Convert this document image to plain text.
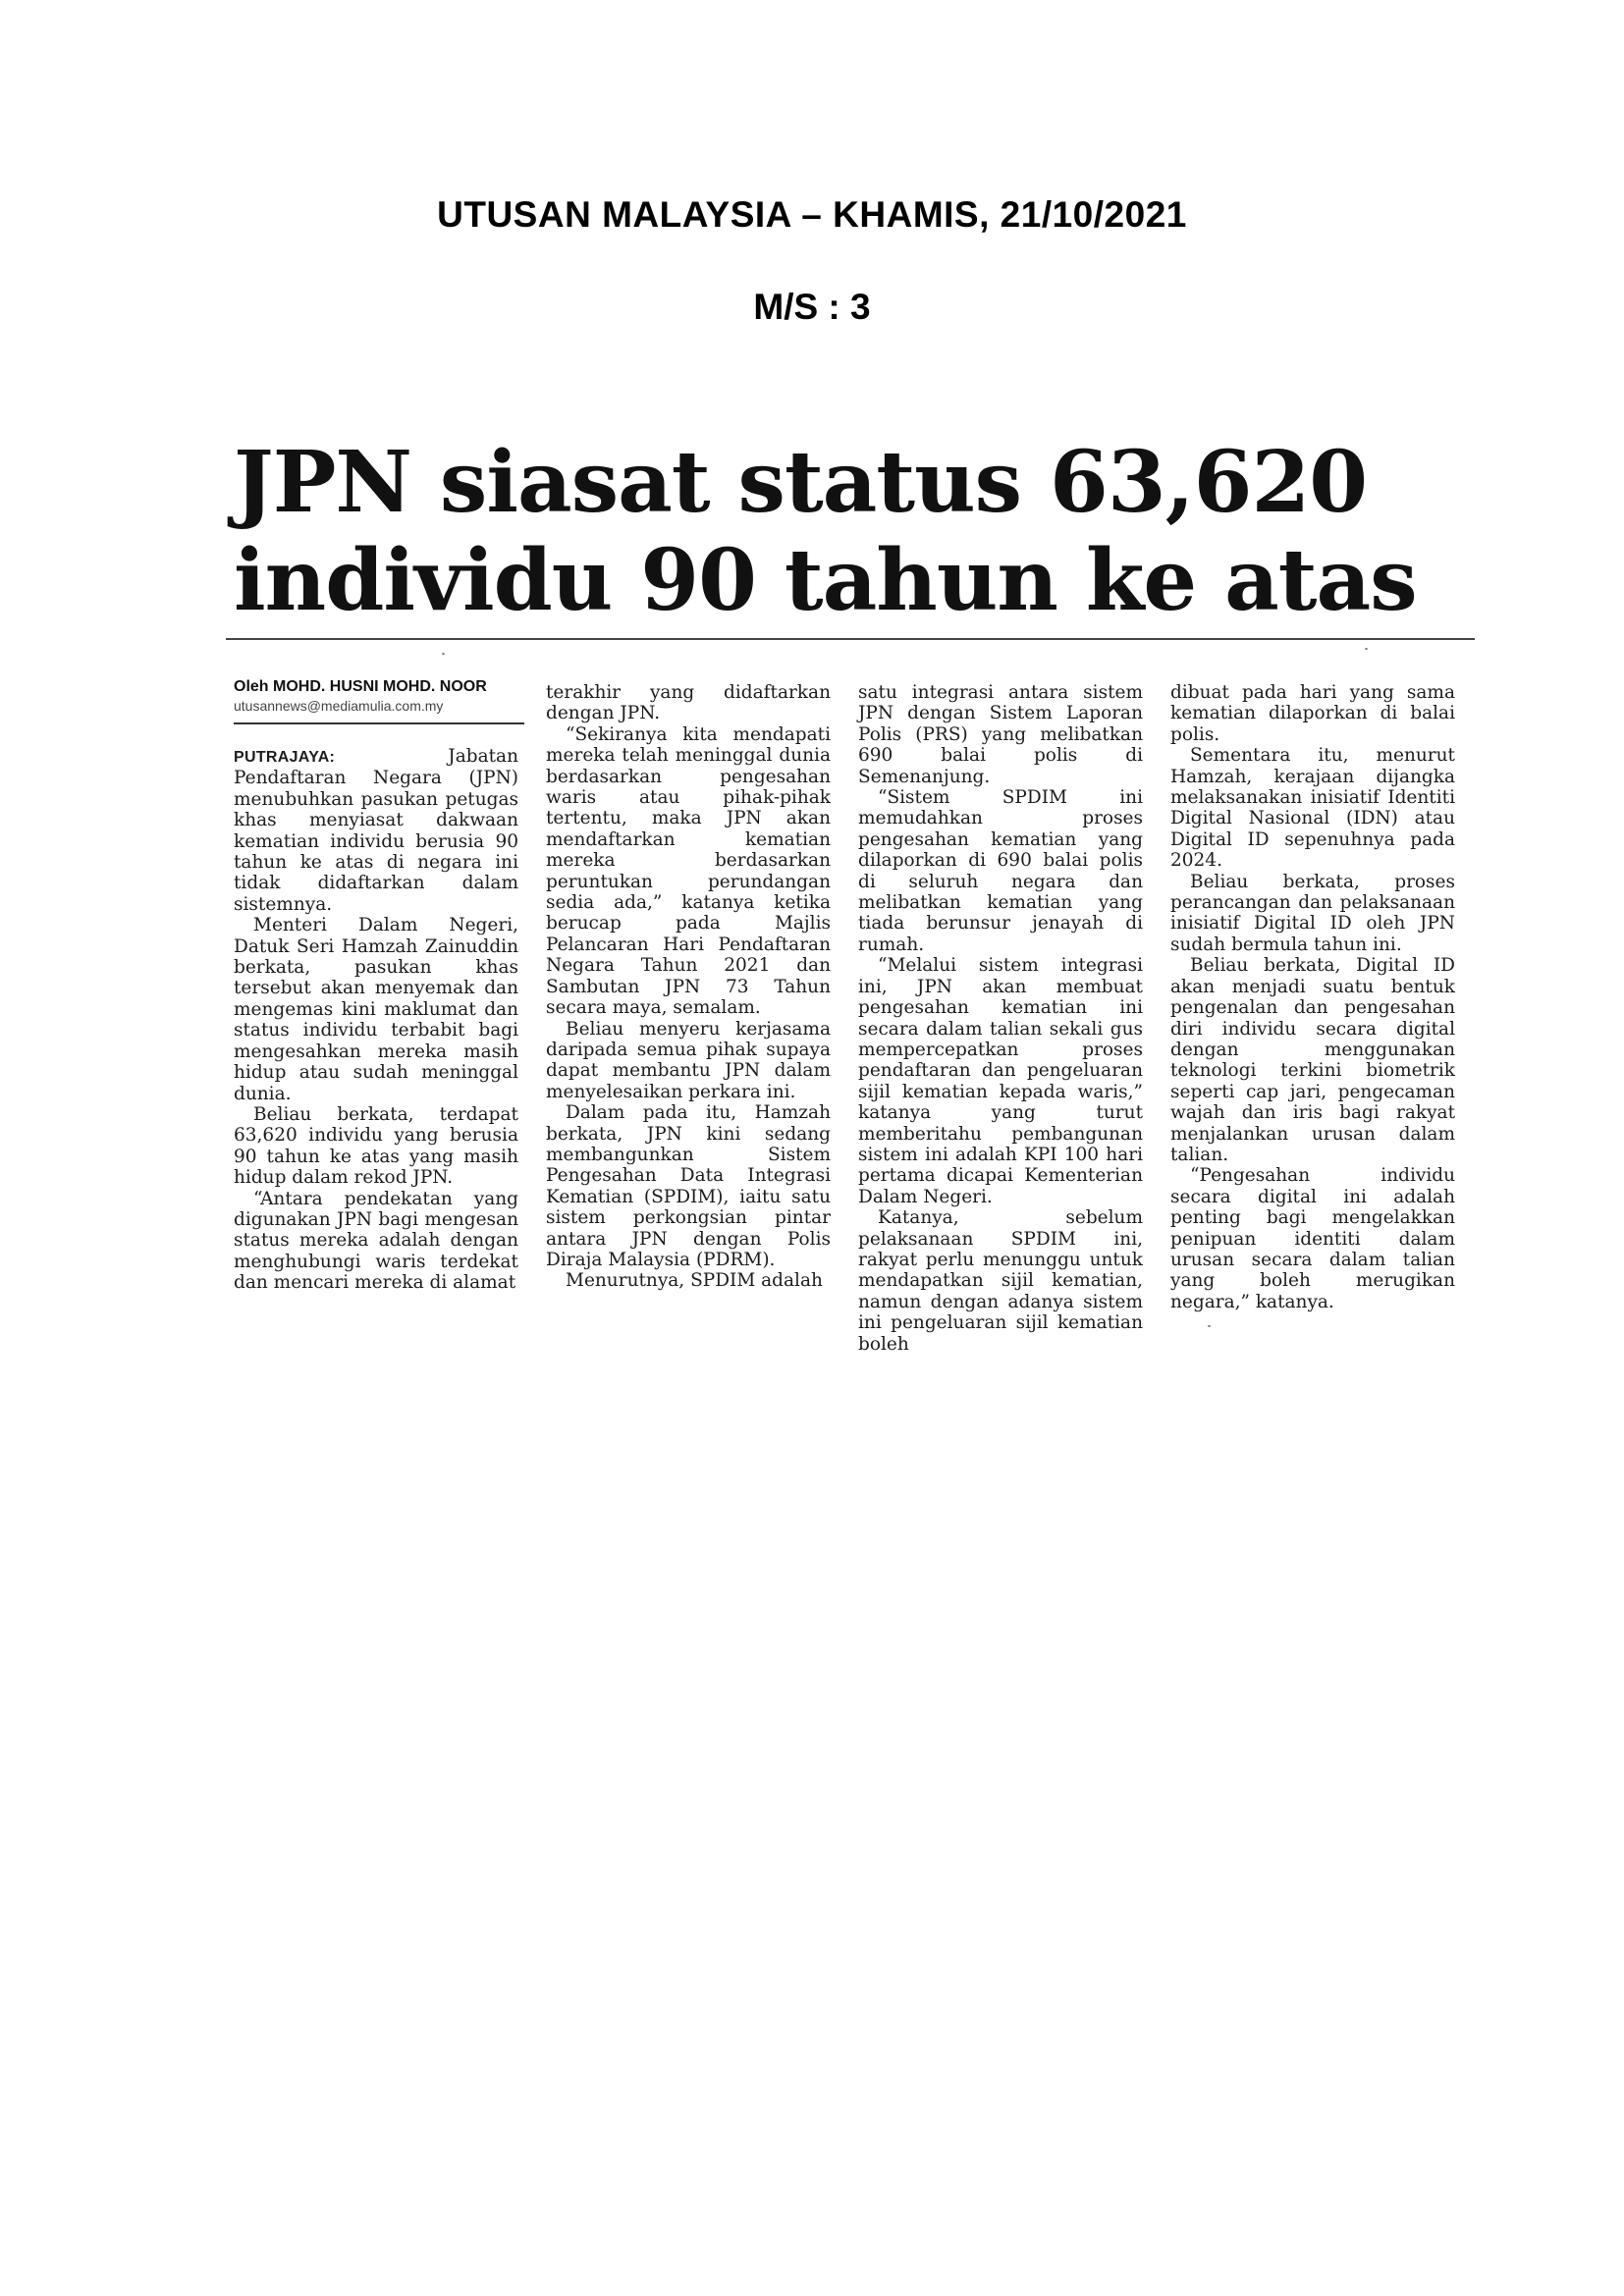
UTUSAN MALAYSIA – KHAMIS, 21/10/2021
M/S : 3
JPN siasat status 63,620
individu 90 tahun ke atas
Oleh MOHD. HUSNI MOHD. NOOR
utusannews@mediamulia.com.my

PUTRAJAYA:	Jabatan Pendaftaran Negara (JPN) menubuhkan pasukan petugas khas menyiasat dakwaan kematian individu berusia 90 tahun ke atas di negara ini tidak didaftarkan dalam sistemnya.

Menteri Dalam Negeri, Datuk Seri Hamzah Zainuddin berkata, pasukan khas tersebut akan menyemak dan mengemas kini maklumat dan status individu terbabit bagi mengesahkan mereka masih hidup atau sudah meninggal dunia.

Beliau berkata, terdapat 63,620 individu yang berusia 90 tahun ke atas yang masih hidup dalam rekod JPN.

“Antara pendekatan yang digunakan JPN bagi mengesan status mereka adalah dengan menghubungi waris terdekat dan mencari mereka di alamat

terakhir yang didaftarkan dengan JPN.

“Sekiranya kita mendapati mereka telah meninggal dunia berdasarkan pengesahan waris atau pihak-pihak tertentu, maka JPN akan mendaftarkan kematian mereka berdasarkan peruntukan perundangan sedia ada,” katanya ketika berucap pada Majlis Pelancaran Hari Pendaftaran Negara Tahun 2021 dan Sambutan JPN 73 Tahun secara maya, semalam.

Beliau menyeru kerjasama daripada semua pihak supaya dapat membantu JPN dalam menyelesaikan perkara ini.

Dalam pada itu, Hamzah berkata, JPN kini sedang membangunkan Sistem Pengesahan Data Integrasi Kematian (SPDIM), iaitu satu sistem perkongsian pintar antara JPN dengan Polis Diraja Malaysia (PDRM).

Menurutnya, SPDIM adalah

satu integrasi antara sistem JPN dengan Sistem Laporan Polis (PRS) yang melibatkan 690 balai polis di Semenanjung.

“Sistem SPDIM ini memudahkan proses pengesahan kematian yang dilaporkan di 690 balai polis di seluruh negara dan melibatkan kematian yang tiada berunsur jenayah di rumah.

“Melalui sistem integrasi ini, JPN akan membuat pengesahan kematian ini secara dalam talian sekali gus mempercepatkan proses pendaftaran dan pengeluaran sijil kematian kepada waris,” katanya yang turut memberitahu pembangunan sistem ini adalah KPI 100 hari pertama dicapai Kementerian Dalam Negeri.

Katanya, sebelum pelaksanaan SPDIM ini, rakyat perlu menunggu untuk mendapatkan sijil kematian, namun dengan adanya sistem ini pengeluaran sijil kematian boleh

dibuat pada hari yang sama kematian dilaporkan di balai polis.

Sementara itu, menurut Hamzah, kerajaan dijangka melaksanakan inisiatif Identiti Digital Nasional (IDN) atau Digital ID sepenuhnya pada 2024.

Beliau berkata, proses perancangan dan pelaksanaan inisiatif Digital ID oleh JPN sudah bermula tahun ini.

Beliau berkata, Digital ID akan menjadi suatu bentuk pengenalan dan pengesahan diri individu secara digital dengan menggunakan teknologi terkini biometrik seperti cap jari, pengecaman wajah dan iris bagi rakyat menjalankan urusan dalam talian.

“Pengesahan individu secara digital ini adalah penting bagi mengelakkan penipuan identiti dalam urusan secara dalam talian yang boleh merugikan negara,” katanya.
